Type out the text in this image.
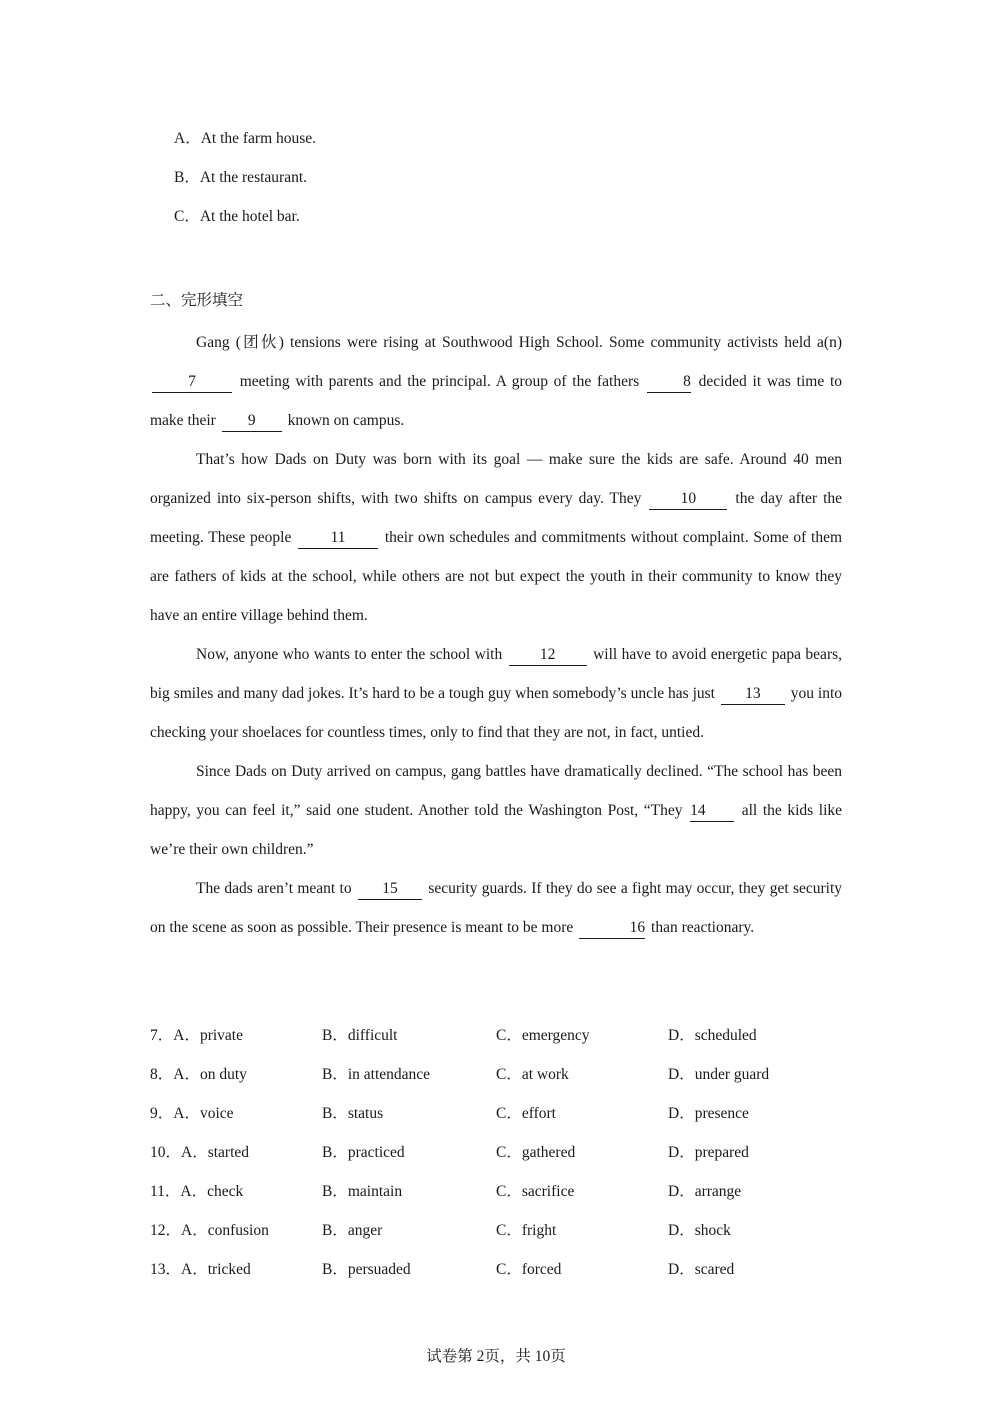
A．At the farm house.
B．At the restaurant.
C．At the hotel bar.
二、完形填空

Gang (团伙) tensions were rising at Southwood High School. Some community activists held a(n) 7	meeting with parents and the principal. A group of the fathers	8 decided it was time to make their 9 known on campus.

That’s how Dads on Duty was born with its goal — make sure the kids are safe. Around 40 men organized into six-person shifts, with two shifts on campus every day. They	10	the day after the meeting. These people	11	their own schedules and commitments without complaint. Some of them are fathers of kids at the school, while others are not but expect the youth in their community to know they have an entire village behind them.

Now, anyone who wants to enter the school with 12 will have to avoid energetic papa bears, big smiles and many dad jokes. It’s hard to be a tough guy when somebody’s uncle has just 13 you into checking your shoelaces for countless times, only to find that they are not, in fact, untied.

Since Dads on Duty arrived on campus, gang battles have dramatically declined. “The school has been happy, you can feel it,” said one student. Another told the Washington Post, “They 14 all the kids like we’re their own children.”

The dads aren’t meant to 15 security guards. If they do see a fight may occur, they get security on the scene as soon as possible. Their presence is meant to be more	16 than reactionary.

7．A．private	B．difficult	C．emergency	D．scheduled
8．A．on duty	B．in attendance	C．at work	D．under guard
9．A．voice	B．status	C．effort	D．presence
10．A．started	B．practiced	C．gathered	D．prepared
11．A．check	B．maintain	C．sacrifice	D．arrange
12．A．confusion	B．anger	C．fright	D．shock
13．A．tricked	B．persuaded	C．forced	D．scared
试卷第 2页，共 10页
